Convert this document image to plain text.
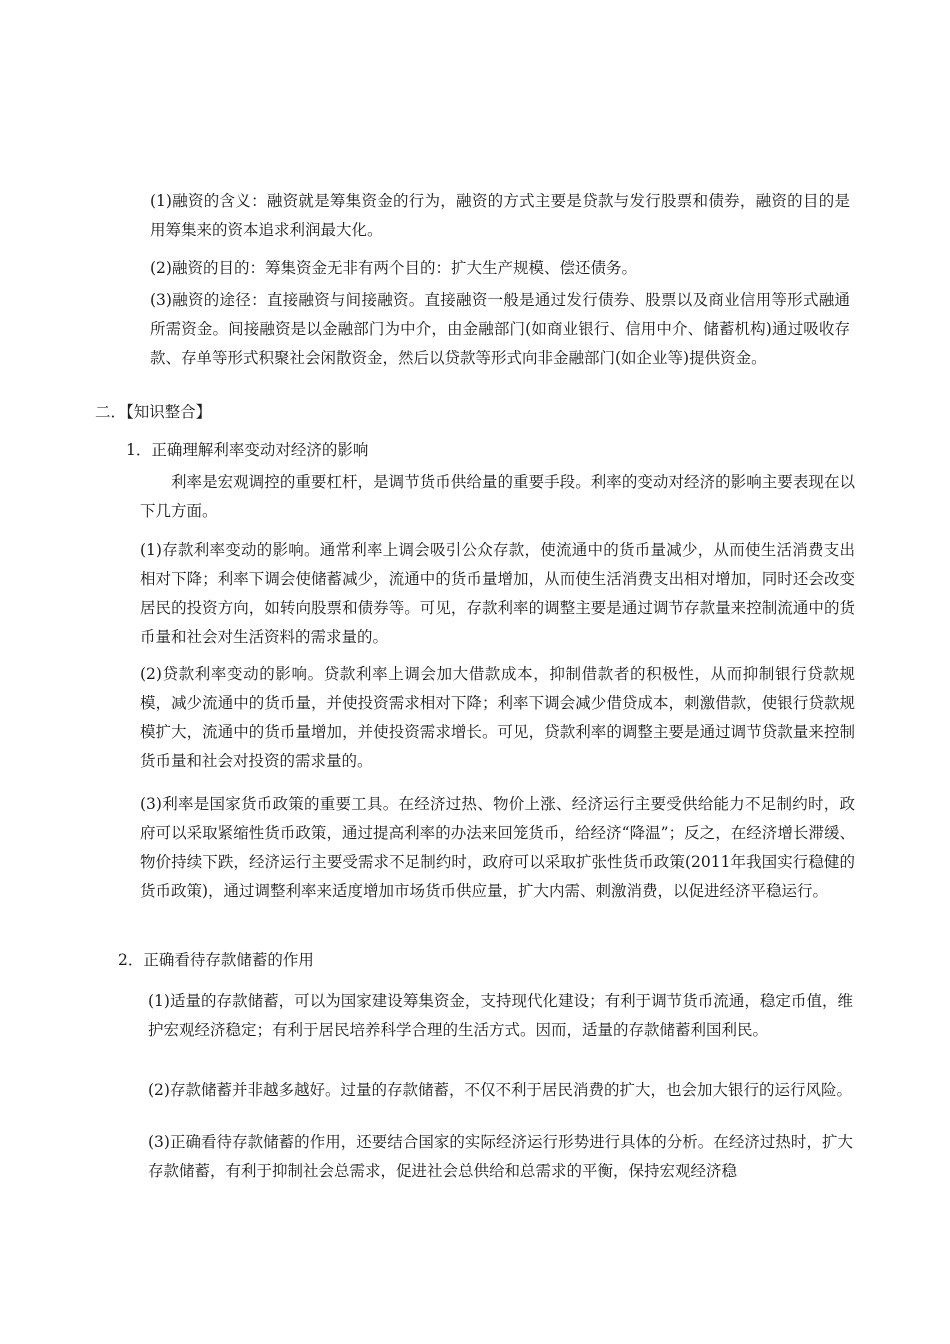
(1)融资的含义：融资就是筹集资金的行为，融资的方式主要是贷款与发行股票和债券，融资的目的是用筹集来的资本追求利润最大化。

(2)融资的目的：筹集资金无非有两个目的：扩大生产规模、偿还债务。

(3)融资的途径：直接融资与间接融资。直接融资一般是通过发行债券、股票以及商业信用等形式融通所需资金。间接融资是以金融部门为中介，由金融部门(如商业银行、信用中介、储蓄机构)通过吸收存款、存单等形式积聚社会闲散资金，然后以贷款等形式向非金融部门(如企业等)提供资金。

二．【知识整合】
1．正确理解利率变动对经济的影响

利率是宏观调控的重要杠杆，是调节货币供给量的重要手段。利率的变动对经济的影响主要表现在以下几方面。

(1)存款利率变动的影响。通常利率上调会吸引公众存款，使流通中的货币量减少，从而使生活消费支出相对下降；利率下调会使储蓄减少，流通中的货币量增加，从而使生活消费支出相对增加，同时还会改变居民的投资方向，如转向股票和债券等。可见，存款利率的调整主要是通过调节存款量来控制流通中的货币量和社会对生活资料的需求量的。

(2)贷款利率变动的影响。贷款利率上调会加大借款成本，抑制借款者的积极性，从而抑制银行贷款规模，减少流通中的货币量，并使投资需求相对下降；利率下调会减少借贷成本，刺激借款，使银行贷款规模扩大，流通中的货币量增加，并使投资需求增长。可见，贷款利率的调整主要是通过调节贷款量来控制货币量和社会对投资的需求量的。

(3)利率是国家货币政策的重要工具。在经济过热、物价上涨、经济运行主要受供给能力不足制约时，政府可以采取紧缩性货币政策，通过提高利率的办法来回笼货币，给经济“降温”；反之，在经济增长滞缓、物价持续下跌，经济运行主要受需求不足制约时，政府可以采取扩张性货币政策(2011年我国实行稳健的货币政策)，通过调整利率来适度增加市场货币供应量，扩大内需、刺激消费，以促进经济平稳运行。

2．正确看待存款储蓄的作用

(1)适量的存款储蓄，可以为国家建设筹集资金，支持现代化建设；有利于调节货币流通，稳定币值，维护宏观经济稳定；有利于居民培养科学合理的生活方式。因而，适量的存款储蓄利国利民。

(2)存款储蓄并非越多越好。过量的存款储蓄，不仅不利于居民消费的扩大，也会加大银行的运行风险。

(3)正确看待存款储蓄的作用，还要结合国家的实际经济运行形势进行具体的分析。在经济过热时，扩大存款储蓄，有利于抑制社会总需求，促进社会总供给和总需求的平衡，保持宏观经济稳
